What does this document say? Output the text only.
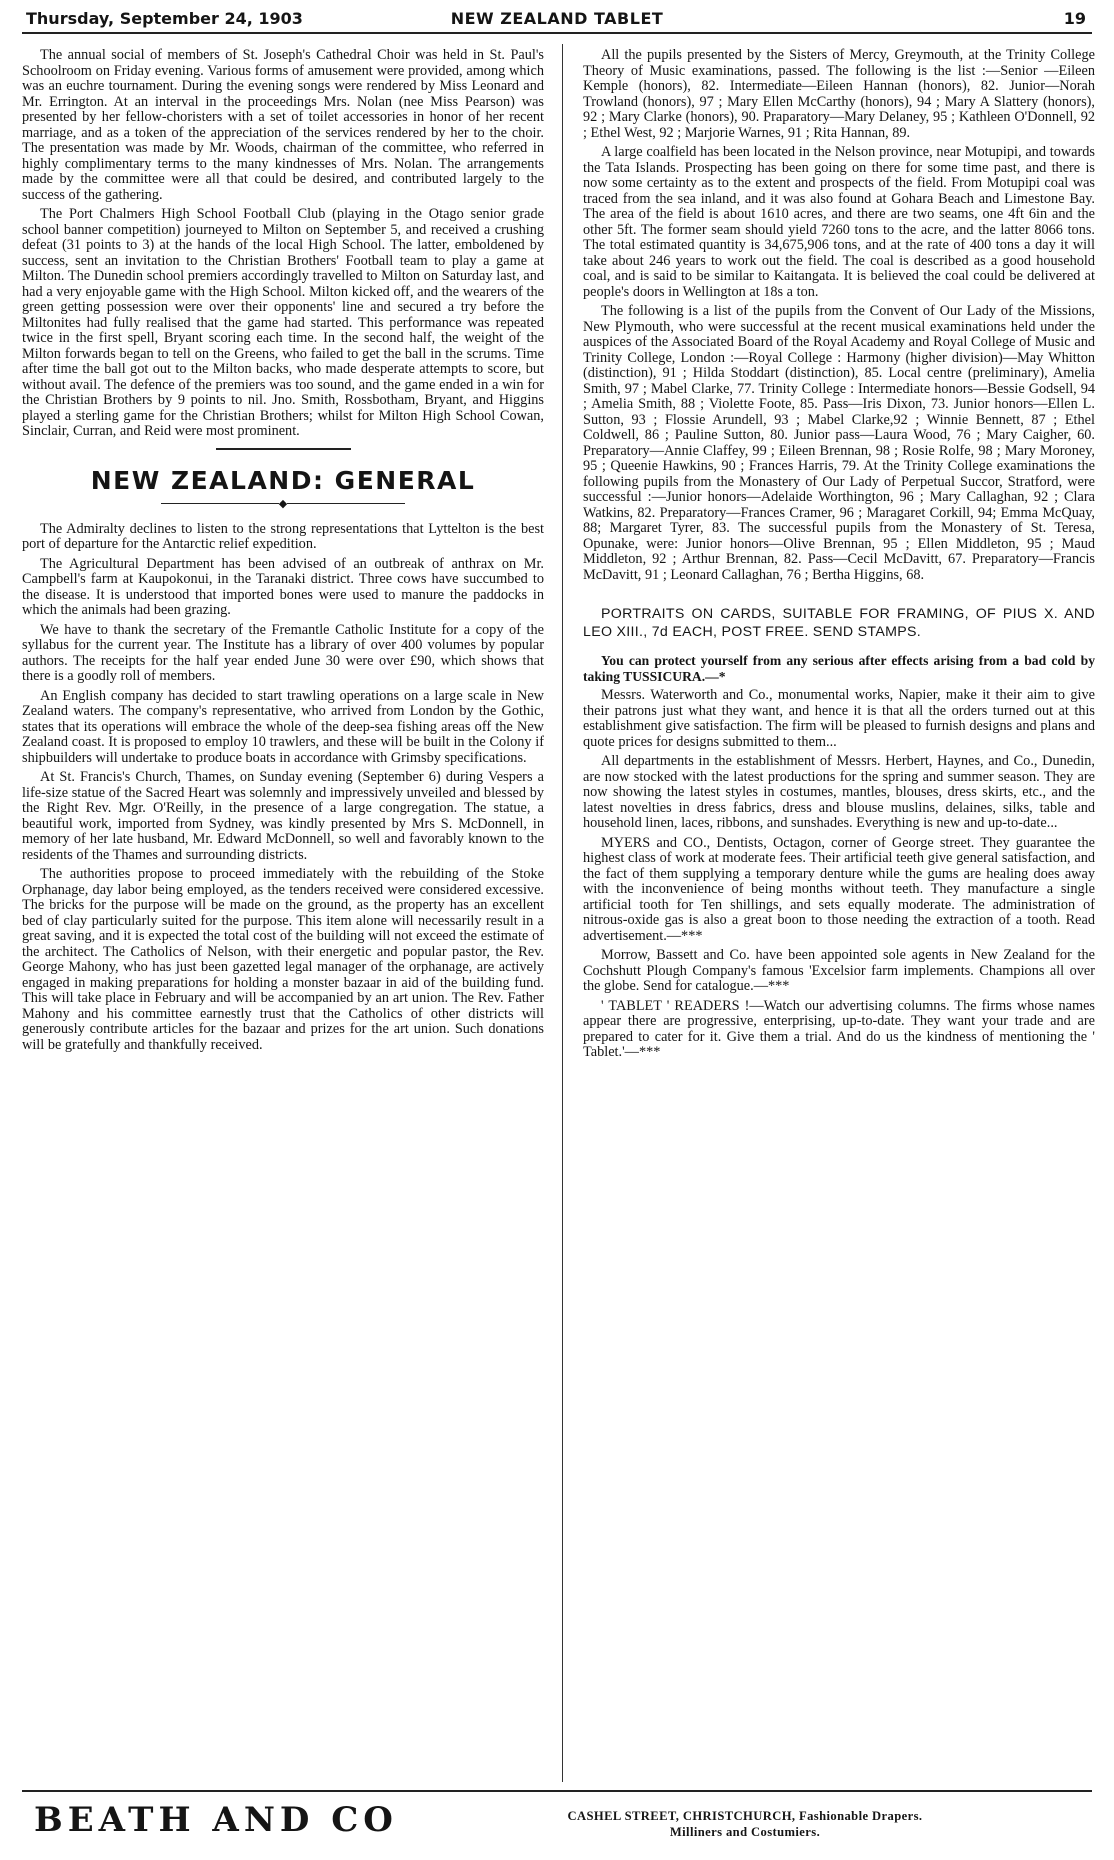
Thursday, September 24, 1903	NEW ZEALAND TABLET	19

The annual social of members of St. Joseph's Cathedral Choir was held in St. Paul's Schoolroom on Friday evening. Various forms of amusement were provided, among which was an euchre tournament. During the evening songs were rendered by Miss Leonard and Mr. Errington. At an interval in the proceedings Mrs. Nolan (nee Miss Pearson) was presented by her fellow-choristers with a set of toilet accessories in honor of her recent marriage, and as a token of the appreciation of the services rendered by her to the choir. The presentation was made by Mr. Woods, chairman of the committee, who referred in highly complimentary terms to the many kindnesses of Mrs. Nolan. The arrangements made by the committee were all that could be desired, and contributed largely to the success of the gathering.

The Port Chalmers High School Football Club (playing in the Otago senior grade school banner competition) journeyed to Milton on September 5, and received a crushing defeat (31 points to 3) at the hands of the local High School. The latter, emboldened by success, sent an invitation to the Christian Brothers' Football team to play a game at Milton. The Dunedin school premiers accordingly travelled to Milton on Saturday last, and had a very enjoyable game with the High School. Milton kicked off, and the wearers of the green getting possession were over their opponents' line and secured a try before the Miltonites had fully realised that the game had started. This performance was repeated twice in the first spell, Bryant scoring each time. In the second half, the weight of the Milton forwards began to tell on the Greens, who failed to get the ball in the scrums. Time after time the ball got out to the Milton backs, who made desperate attempts to score, but without avail. The defence of the premiers was too sound, and the game ended in a win for the Christian Brothers by 9 points to nil. Jno. Smith, Rossbotham, Bryant, and Higgins played a sterling game for the Christian Brothers; whilst for Milton High School Cowan, Sinclair, Curran, and Reid were most prominent.

NEW ZEALAND: GENERAL
◆

The Admiralty declines to listen to the strong representations that Lyttelton is the best port of departure for the Antarctic relief expedition.

The Agricultural Department has been advised of an outbreak of anthrax on Mr. Campbell's farm at Kaupokonui, in the Taranaki district. Three cows have succumbed to the disease. It is understood that imported bones were used to manure the paddocks in which the animals had been grazing.

We have to thank the secretary of the Fremantle Catholic Institute for a copy of the syllabus for the current year. The Institute has a library of over 400 volumes by popular authors. The receipts for the half year ended June 30 were over £90, which shows that there is a goodly roll of members.

An English company has decided to start trawling operations on a large scale in New Zealand waters. The company's representative, who arrived from London by the Gothic, states that its operations will embrace the whole of the deep-sea fishing areas off the New Zealand coast. It is proposed to employ 10 trawlers, and these will be built in the Colony if shipbuilders will undertake to produce boats in accordance with Grimsby specifications.

At St. Francis's Church, Thames, on Sunday evening (September 6) during Vespers a life-size statue of the Sacred Heart was solemnly and impressively unveiled and blessed by the Right Rev. Mgr. O'Reilly, in the presence of a large congregation. The statue, a beautiful work, imported from Sydney, was kindly presented by Mrs S. McDonnell, in memory of her late husband, Mr. Edward McDonnell, so well and favorably known to the residents of the Thames and surrounding districts.

The authorities propose to proceed immediately with the rebuilding of the Stoke Orphanage, day labor being employed, as the tenders received were considered excessive. The bricks for the purpose will be made on the ground, as the property has an excellent bed of clay particularly suited for the purpose. This item alone will necessarily result in a great saving, and it is expected the total cost of the building will not exceed the estimate of the architect. The Catholics of Nelson, with their energetic and popular pastor, the Rev. George Mahony, who has just been gazetted legal manager of the orphanage, are actively engaged in making preparations for holding a monster bazaar in aid of the building fund. This will take place in February and will be accompanied by an art union. The Rev. Father Mahony and his committee earnestly trust that the Catholics of other districts will generously contribute articles for the bazaar and prizes for the art union. Such donations will be gratefully and thankfully received.

All the pupils presented by the Sisters of Mercy, Greymouth, at the Trinity College Theory of Music examinations, passed. The following is the list :—Senior —Eileen Kemple (honors), 82. Intermediate—Eileen Hannan (honors), 82. Junior—Norah Trowland (honors), 97 ; Mary Ellen McCarthy (honors), 94 ; Mary A Slattery (honors), 92 ; Mary Clarke (honors), 90. Praparatory—Mary Delaney, 95 ; Kathleen O'Donnell, 92 ; Ethel West, 92 ; Marjorie Warnes, 91 ; Rita Hannan, 89.

A large coalfield has been located in the Nelson province, near Motupipi, and towards the Tata Islands. Prospecting has been going on there for some time past, and there is now some certainty as to the extent and prospects of the field. From Motupipi coal was traced from the sea inland, and it was also found at Gohara Beach and Limestone Bay. The area of the field is about 1610 acres, and there are two seams, one 4ft 6in and the other 5ft. The former seam should yield 7260 tons to the acre, and the latter 8066 tons. The total estimated quantity is 34,675,906 tons, and at the rate of 400 tons a day it will take about 246 years to work out the field. The coal is described as a good household coal, and is said to be similar to Kaitangata. It is believed the coal could be delivered at people's doors in Wellington at 18s a ton.

The following is a list of the pupils from the Convent of Our Lady of the Missions, New Plymouth, who were successful at the recent musical examinations held under the auspices of the Associated Board of the Royal Academy and Royal College of Music and Trinity College, London :—Royal College : Harmony (higher division)—May Whitton (distinction), 91 ; Hilda Stoddart (distinction), 85. Local centre (preliminary), Amelia Smith, 97 ; Mabel Clarke, 77. Trinity College : Intermediate honors—Bessie Godsell, 94 ; Amelia Smith, 88 ; Violette Foote, 85. Pass—Iris Dixon, 73. Junior honors—Ellen L. Sutton, 93 ; Flossie Arundell, 93 ; Mabel Clarke,92 ; Winnie Bennett, 87 ; Ethel Coldwell, 86 ; Pauline Sutton, 80. Junior pass—Laura Wood, 76 ; Mary Caigher, 60. Preparatory—Annie Claffey, 99 ; Eileen Brennan, 98 ; Rosie Rolfe, 98 ; Mary Moroney, 95 ; Queenie Hawkins, 90 ; Frances Harris, 79. At the Trinity College examinations the following pupils from the Monastery of Our Lady of Perpetual Succor, Stratford, were successful :—Junior honors—Adelaide Worthington, 96 ; Mary Callaghan, 92 ; Clara Watkins, 82. Preparatory—Frances Cramer, 96 ; Maragaret Corkill, 94; Emma McQuay, 88; Margaret Tyrer, 83. The successful pupils from the Monastery of St. Teresa, Opunake, were: Junior honors—Olive Brennan, 95 ; Ellen Middleton, 95 ; Maud Middleton, 92 ; Arthur Brennan, 82. Pass—Cecil McDavitt, 67. Preparatory—Francis McDavitt, 91 ; Leonard Callaghan, 76 ; Bertha Higgins, 68.

PORTRAITS ON CARDS, SUITABLE FOR FRAMING, OF PIUS X. AND LEO XIII., 7d EACH, POST FREE. SEND STAMPS.

You can protect yourself from any serious after effects arising from a bad cold by taking TUSSICURA.—*

Messrs. Waterworth and Co., monumental works, Napier, make it their aim to give their patrons just what they want, and hence it is that all the orders turned out at this establishment give satisfaction. The firm will be pleased to furnish designs and plans and quote prices for designs submitted to them...

All departments in the establishment of Messrs. Herbert, Haynes, and Co., Dunedin, are now stocked with the latest productions for the spring and summer season. They are now showing the latest styles in costumes, mantles, blouses, dress skirts, etc., and the latest novelties in dress fabrics, dress and blouse muslins, delaines, silks, table and household linen, laces, ribbons, and sunshades. Everything is new and up-to-date...

MYERS and CO., Dentists, Octagon, corner of George street. They guarantee the highest class of work at moderate fees. Their artificial teeth give general satisfaction, and the fact of them supplying a temporary denture while the gums are healing does away with the inconvenience of being months without teeth. They manufacture a single artificial tooth for Ten shillings, and sets equally moderate. The administration of nitrous-oxide gas is also a great boon to those needing the extraction of a tooth. Read advertisement.—***

Morrow, Bassett and Co. have been appointed sole agents in New Zealand for the Cochshutt Plough Company's famous 'Excelsior farm implements. Champions all over the globe. Send for catalogue.—***

' TABLET ' READERS !—Watch our advertising columns. The firms whose names appear there are progressive, enterprising, up-to-date. They want your trade and are prepared to cater for it. Give them a trial. And do us the kindness of mentioning the ' Tablet.'—***

BEATH AND CO	CASHEL STREET, CHRISTCHURCH, Fashionable Drapers.
Milliners and Costumiers.
